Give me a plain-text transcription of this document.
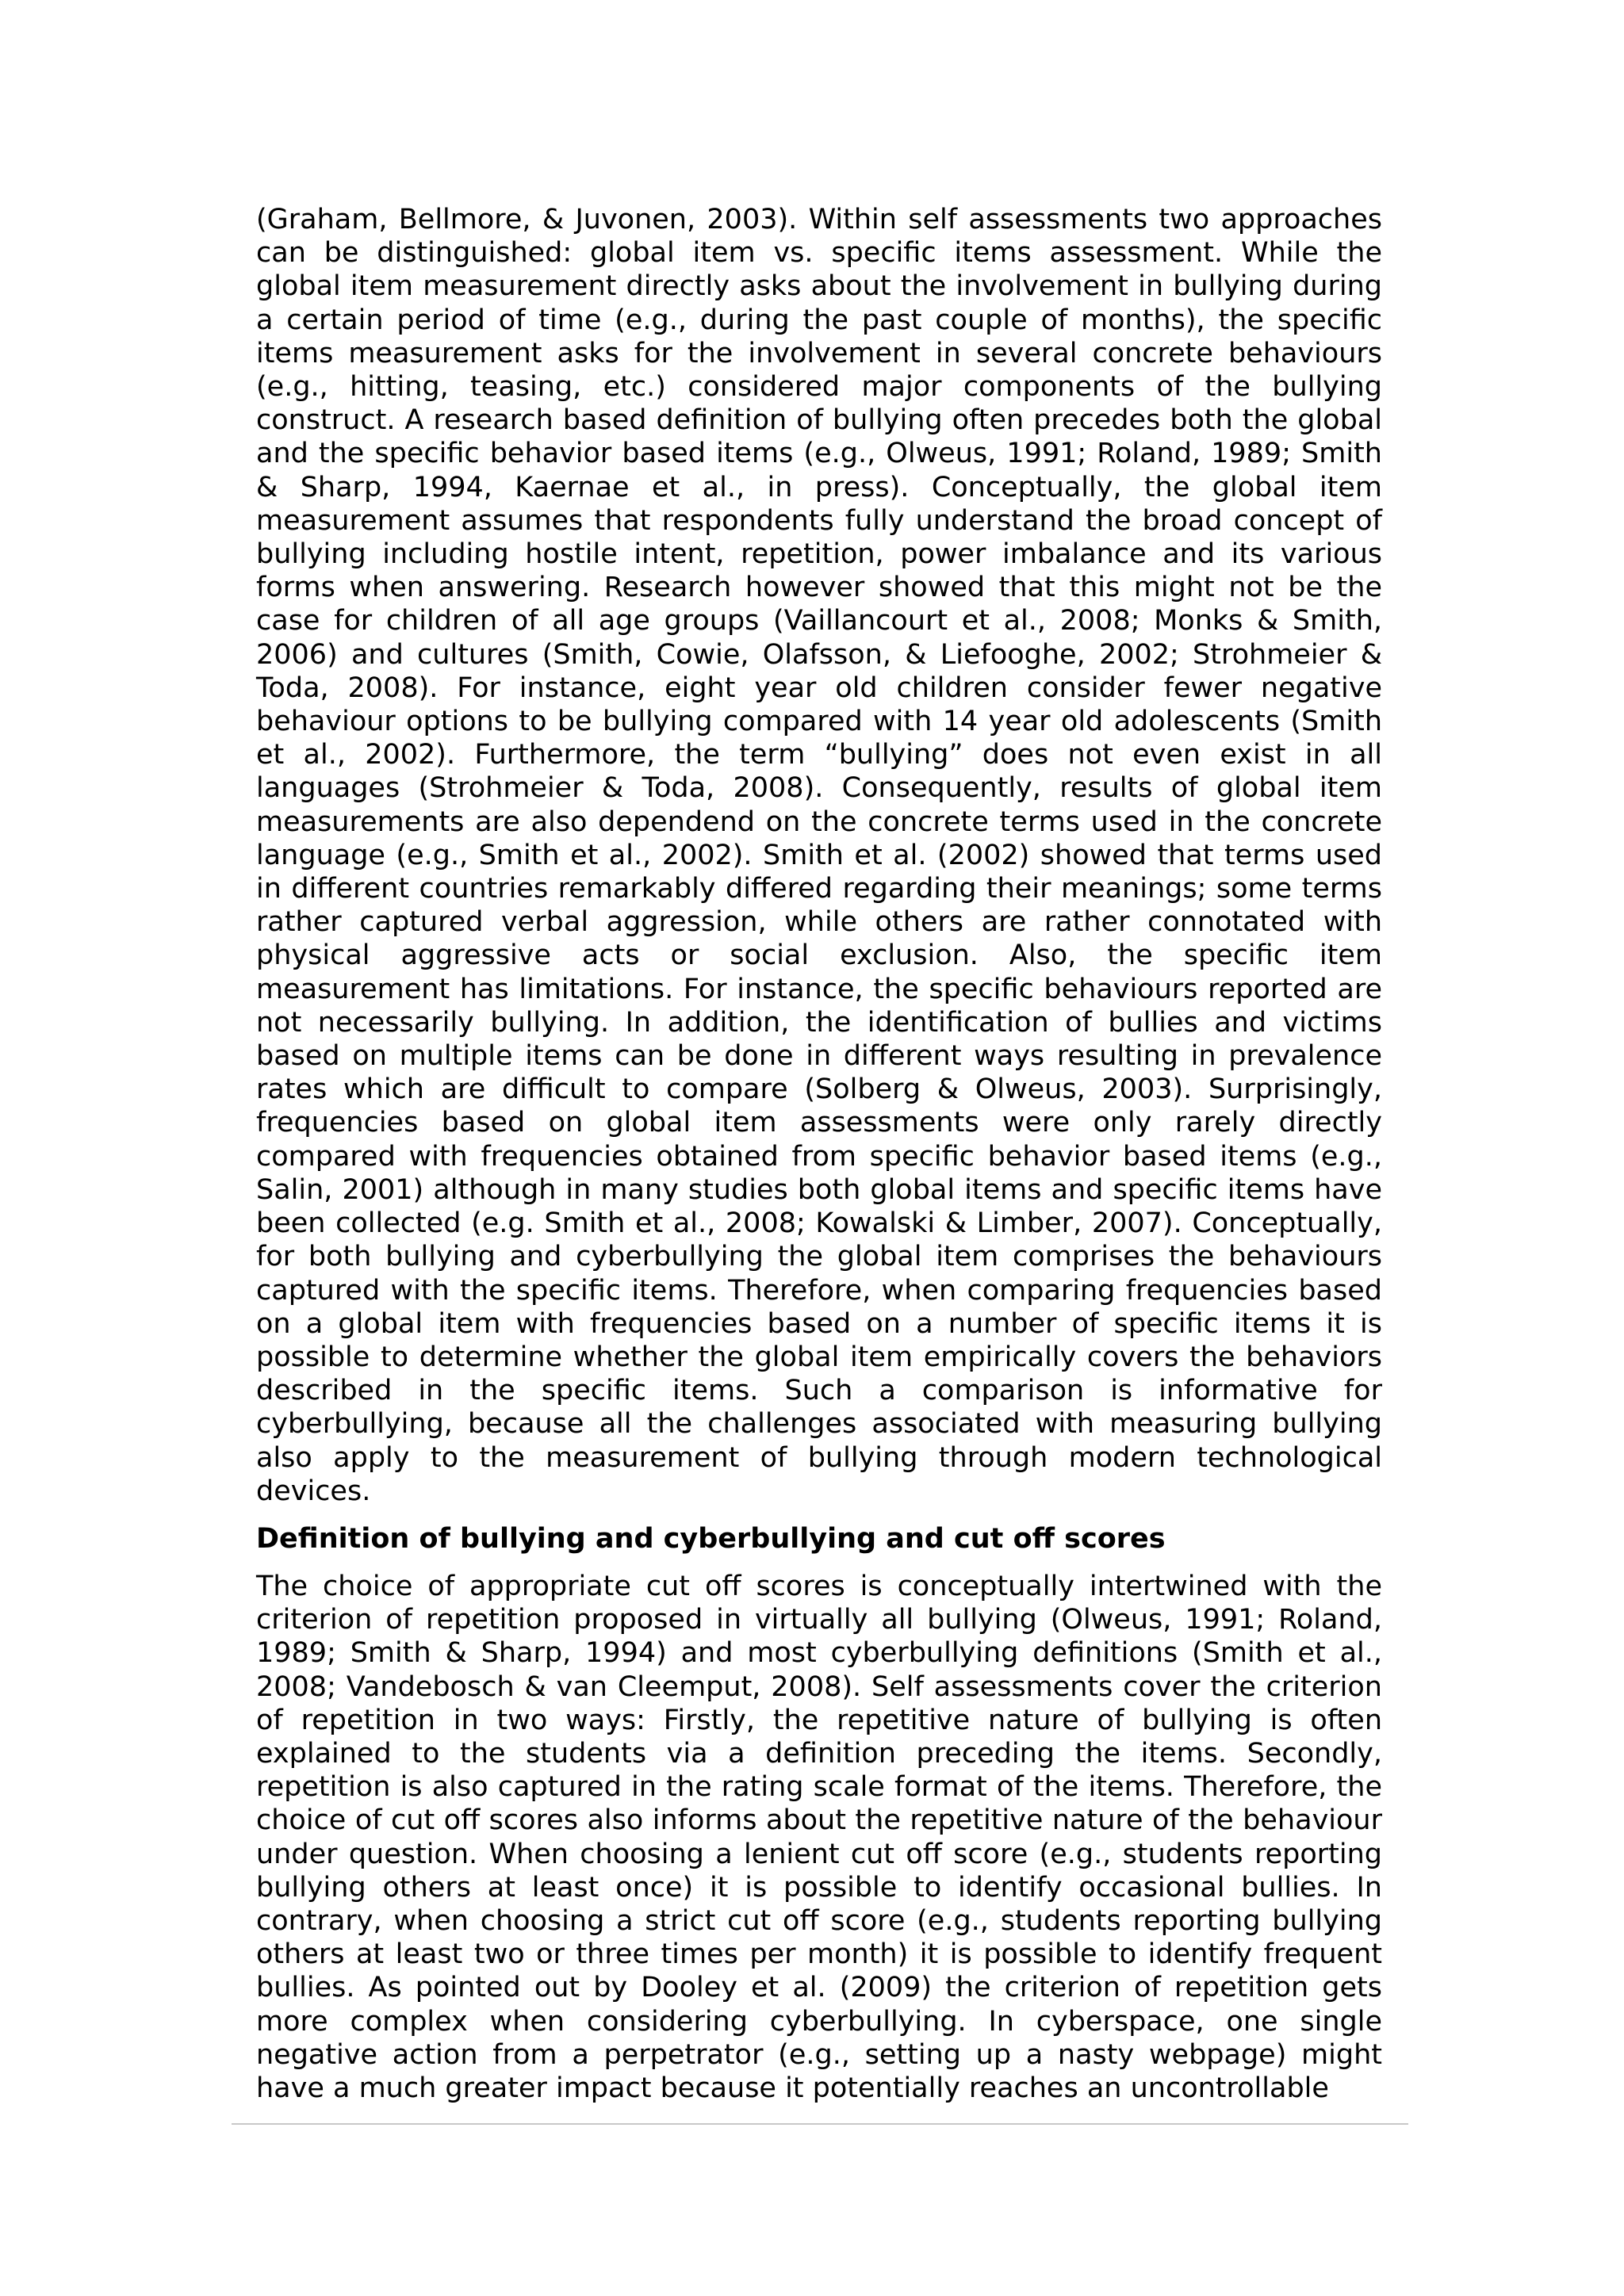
(Graham, Bellmore, & Juvonen, 2003). Within self assessments two approaches can be distinguished: global item vs. specific items assessment. While the global item measurement directly asks about the involvement in bullying during a certain period of time (e.g., during the past couple of months), the specific items measurement asks for the involvement in several concrete behaviours (e.g., hitting, teasing, etc.) considered major components of the bullying construct. A research based definition of bullying often precedes both the global and the specific behavior based items (e.g., Olweus, 1991; Roland, 1989; Smith & Sharp, 1994, Kaernae et al., in press). Conceptually, the global item measurement assumes that respondents fully understand the broad concept of bullying including hostile intent, repetition, power imbalance and its various forms when answering. Research however showed that this might not be the case for children of all age groups (Vaillancourt et al., 2008; Monks & Smith, 2006) and cultures (Smith, Cowie, Olafsson, & Liefooghe, 2002; Strohmeier & Toda, 2008). For instance, eight year old children consider fewer negative behaviour options to be bullying compared with 14 year old adolescents (Smith et al., 2002). Furthermore, the term “bullying” does not even exist in all languages (Strohmeier & Toda, 2008). Consequently, results of global item measurements are also dependend on the concrete terms used in the concrete language (e.g., Smith et al., 2002). Smith et al. (2002) showed that terms used in different countries remarkably differed regarding their meanings; some terms rather captured verbal aggression, while others are rather connotated with physical aggressive acts or social exclusion. Also, the specific item measurement has limitations. For instance, the specific behaviours reported are not necessarily bullying. In addition, the identification of bullies and victims based on multiple items can be done in different ways resulting in prevalence rates which are difficult to compare (Solberg & Olweus, 2003). Surprisingly, frequencies based on global item assessments were only rarely directly compared with frequencies obtained from specific behavior based items (e.g., Salin, 2001) although in many studies both global items and specific items have been collected (e.g. Smith et al., 2008; Kowalski & Limber, 2007). Conceptually, for both bullying and cyberbullying the global item comprises the behaviours captured with the specific items. Therefore, when comparing frequencies based on a global item with frequencies based on a number of specific items it is possible to determine whether the global item empirically covers the behaviors described in the specific items. Such a comparison is informative for cyberbullying, because all the challenges associated with measuring bullying also apply to the measurement of bullying through modern technological devices.

Definition of bullying and cyberbullying and cut off scores

The choice of appropriate cut off scores is conceptually intertwined with the criterion of repetition proposed in virtually all bullying (Olweus, 1991; Roland, 1989; Smith & Sharp, 1994) and most cyberbullying definitions (Smith et al., 2008; Vandebosch & van Cleemput, 2008). Self assessments cover the criterion of repetition in two ways: Firstly, the repetitive nature of bullying is often explained to the students via a definition preceding the items. Secondly, repetition is also captured in the rating scale format of the items. Therefore, the choice of cut off scores also informs about the repetitive nature of the behaviour under question. When choosing a lenient cut off score (e.g., students reporting bullying others at least once) it is possible to identify occasional bullies. In contrary, when choosing a strict cut off score (e.g., students reporting bullying others at least two or three times per month) it is possible to identify frequent bullies. As pointed out by Dooley et al. (2009) the criterion of repetition gets more complex when considering cyberbullying. In cyberspace, one single negative action from a perpetrator (e.g., setting up a nasty webpage) might have a much greater impact because it potentially reaches an uncontrollable
